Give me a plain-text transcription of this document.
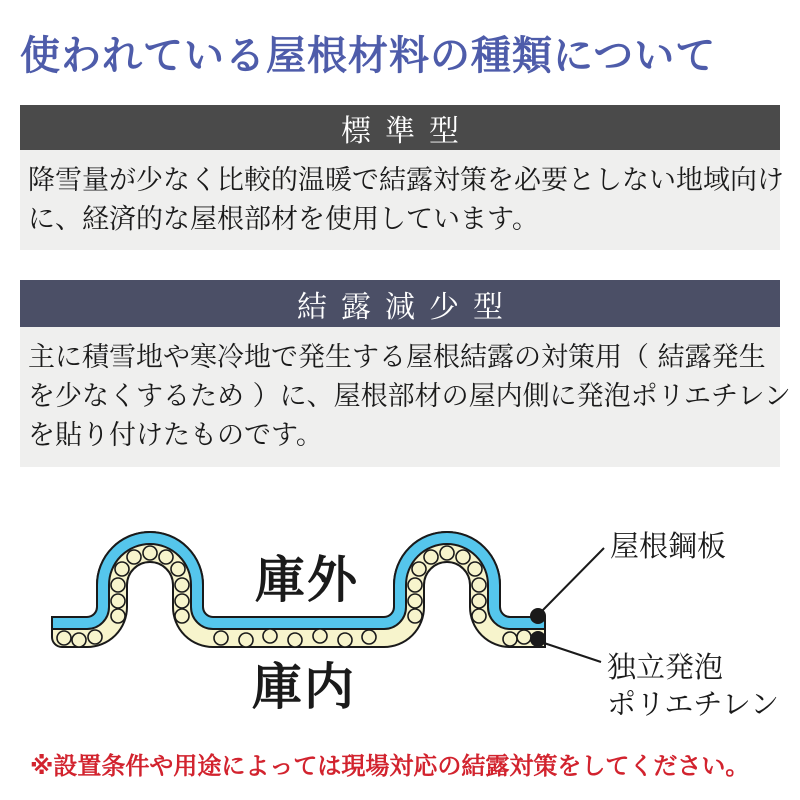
使われている屋根材料の種類について
標準型
降雪量が少なく比較的温暖で結露対策を必要としない地域向け
に、経済的な屋根部材を使用しています。
結露減少型
主に積雪地や寒冷地で発生する屋根結露の対策用（ 結露発生
を少なくするため ）に、屋根部材の屋内側に発泡ポリエチレン
を貼り付けたものです。
庫外
庫内
屋根鋼板
独立発泡
ポリエチレン
※設置条件や用途によっては現場対応の結露対策をしてください。
